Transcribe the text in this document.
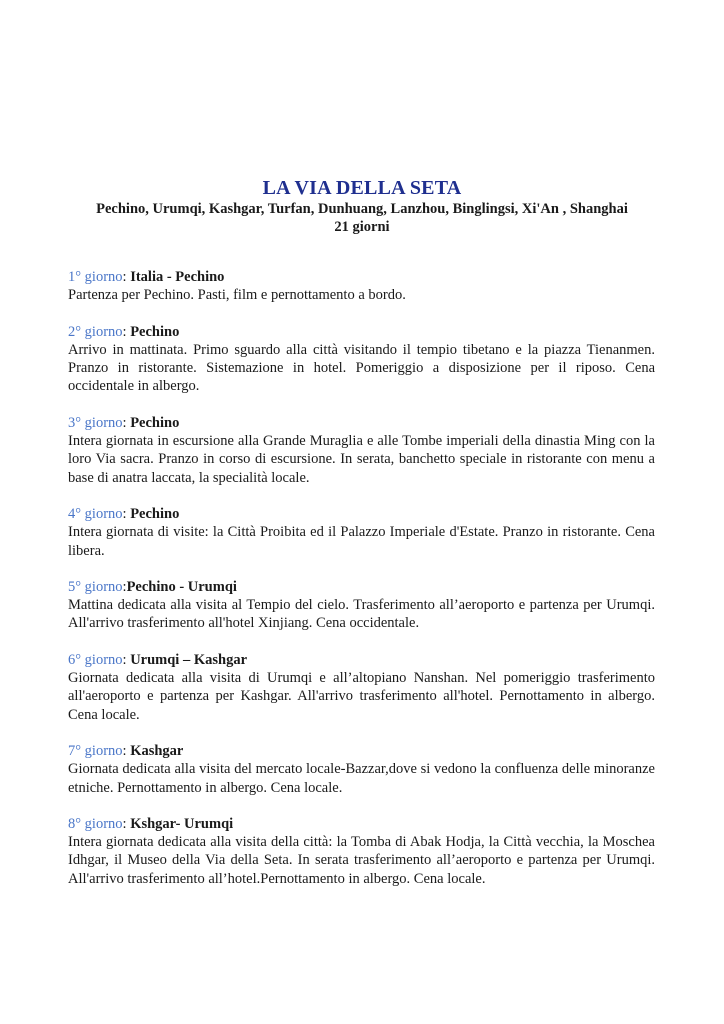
LA VIA DELLA SETA

Pechino, Urumqi, Kashgar, Turfan, Dunhuang, Lanzhou, Binglingsi, Xi'An , Shanghai

21 giorni

1° giorno: Italia - Pechino

Partenza per Pechino. Pasti, film e pernottamento a bordo.

2° giorno: Pechino

Arrivo in mattinata. Primo sguardo alla città visitando il tempio tibetano e la piazza Tienanmen. Pranzo in ristorante. Sistemazione in hotel. Pomeriggio a disposizione per il riposo. Cena occidentale in albergo.

3° giorno: Pechino

Intera giornata in escursione alla Grande Muraglia e alle Tombe imperiali della dinastia Ming con la loro Via sacra. Pranzo in corso di escursione. In serata, banchetto speciale in ristorante con menu a base di anatra laccata, la specialità locale.

4° giorno: Pechino

Intera giornata di visite: la Città Proibita ed il Palazzo Imperiale d'Estate. Pranzo in ristorante. Cena libera.

5° giorno:Pechino - Urumqi

Mattina dedicata alla visita al Tempio del cielo. Trasferimento all’aeroporto e partenza per Urumqi. All'arrivo trasferimento all'hotel Xinjiang. Cena occidentale.

6° giorno: Urumqi – Kashgar

Giornata dedicata alla visita di Urumqi e all’altopiano Nanshan. Nel pomeriggio trasferimento all'aeroporto e partenza per Kashgar. All'arrivo trasferimento all'hotel. Pernottamento in albergo. Cena locale.

7° giorno: Kashgar

Giornata dedicata alla visita del mercato locale-Bazzar,dove si vedono la confluenza delle minoranze etniche. Pernottamento in albergo. Cena locale.

8° giorno: Kshgar- Urumqi

Intera giornata dedicata alla visita della città: la Tomba di Abak Hodja, la Città vecchia, la Moschea Idhgar, il Museo della Via della Seta. In serata trasferimento all’aeroporto e partenza per Urumqi. All'arrivo trasferimento all’hotel.Pernottamento in albergo. Cena locale.
